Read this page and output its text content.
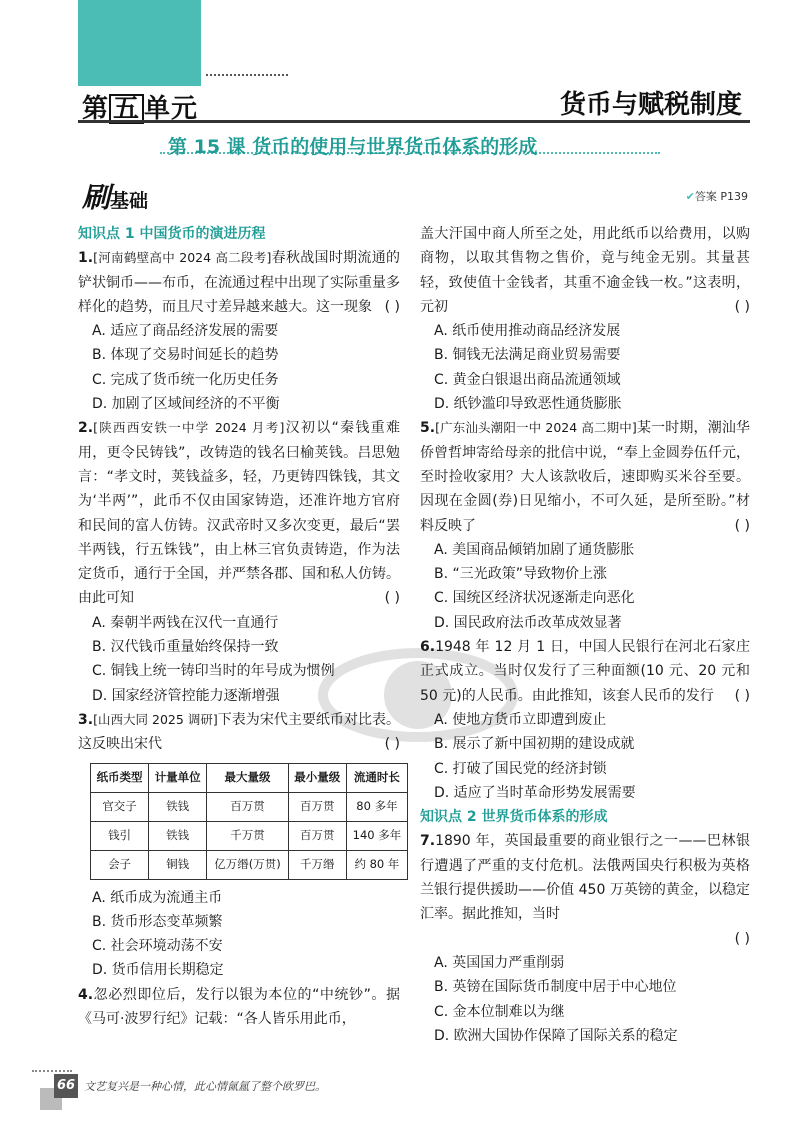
第 五 单元	货币与赋税制度
第 15 课 货币的使用与世界货币体系的形成
刷基础	✔答案 P139

知识点 1 中国货币的演进历程

1.[河南鹤壁高中 2024 高二段考]春秋战国时期流通的铲状铜币——布币，在流通过程中出现了实际重量多样化的趋势，而且尺寸差异越来越大。这一现象 ( )

A. 适应了商品经济发展的需要

B. 体现了交易时间延长的趋势

C. 完成了货币统一化历史任务

D. 加剧了区域间经济的不平衡

2.[陕西西安铁一中学 2024 月考]汉初以“秦钱重难用，更令民铸钱”，改铸造的钱名曰榆荚钱。吕思勉言：“孝文时，荚钱益多，轻，乃更铸四铢钱，其文为‘半两’”，此币不仅由国家铸造，还准许地方官府和民间的富人仿铸。汉武帝时又多次变更，最后“罢半两钱，行五铢钱”，由上林三官负责铸造，作为法定货币，通行于全国，并严禁各郡、国和私人仿铸。由此可知	( )

A. 秦朝半两钱在汉代一直通行

B. 汉代钱币重量始终保持一致

C. 铜钱上统一铸印当时的年号成为惯例

D. 国家经济管控能力逐渐增强

3.[山西大同 2025 调研]下表为宋代主要纸币对比表。这反映出宋代	( )

纸币类型	计量单位	最大量级	最小量级	流通时长
官交子	铁钱	百万贯	百万贯	80 多年
钱引	铁钱	千万贯	百万贯	140 多年
会子	铜钱	亿万缗(万贯)	千万缗	约 80 年

A. 纸币成为流通主币

B. 货币形态变革频繁

C. 社会环境动荡不安

D. 货币信用长期稳定

4.忽必烈即位后，发行以银为本位的“中统钞”。据《马可·波罗行纪》记载：“各人皆乐用此币，

盖大汗国中商人所至之处，用此纸币以给费用，以购商物，以取其售物之售价，竟与纯金无别。其量甚轻，致使值十金钱者，其重不逾金钱一枚。”这表明，元初	( )

A. 纸币使用推动商品经济发展

B. 铜钱无法满足商业贸易需要

C. 黄金白银退出商品流通领域

D. 纸钞滥印导致恶性通货膨胀

5.[广东汕头潮阳一中 2024 高二期中]某一时期，潮汕华侨曾哲坤寄给母亲的批信中说，“奉上金圆券伍仟元，至时捡收家用？大人该款收后，速即购买米谷至要。因现在金圆(券)日见缩小，不可久延，是所至盼。”材料反映了	( )

A. 美国商品倾销加剧了通货膨胀

B. “三光政策”导致物价上涨

C. 国统区经济状况逐渐走向恶化

D. 国民政府法币改革成效显著

6.1948 年 12 月 1 日，中国人民银行在河北石家庄正式成立。当时仅发行了三种面额(10 元、20 元和 50 元)的人民币。由此推知，该套人民币的发行 ( )

A. 使地方货币立即遭到废止

B. 展示了新中国初期的建设成就

C. 打破了国民党的经济封锁

D. 适应了当时革命形势发展需要

知识点 2 世界货币体系的形成

7.1890 年，英国最重要的商业银行之一——巴林银行遭遇了严重的支付危机。法俄两国央行积极为英格兰银行提供援助——价值 450 万英镑的黄金，以稳定汇率。据此推知，当时

( )

A. 英国国力严重削弱

B. 英镑在国际货币制度中居于中心地位

C. 金本位制难以为继

D. 欧洲大国协作保障了国际关系的稳定

66 文艺复兴是一种心情，此心情氤氲了整个欧罗巴。
